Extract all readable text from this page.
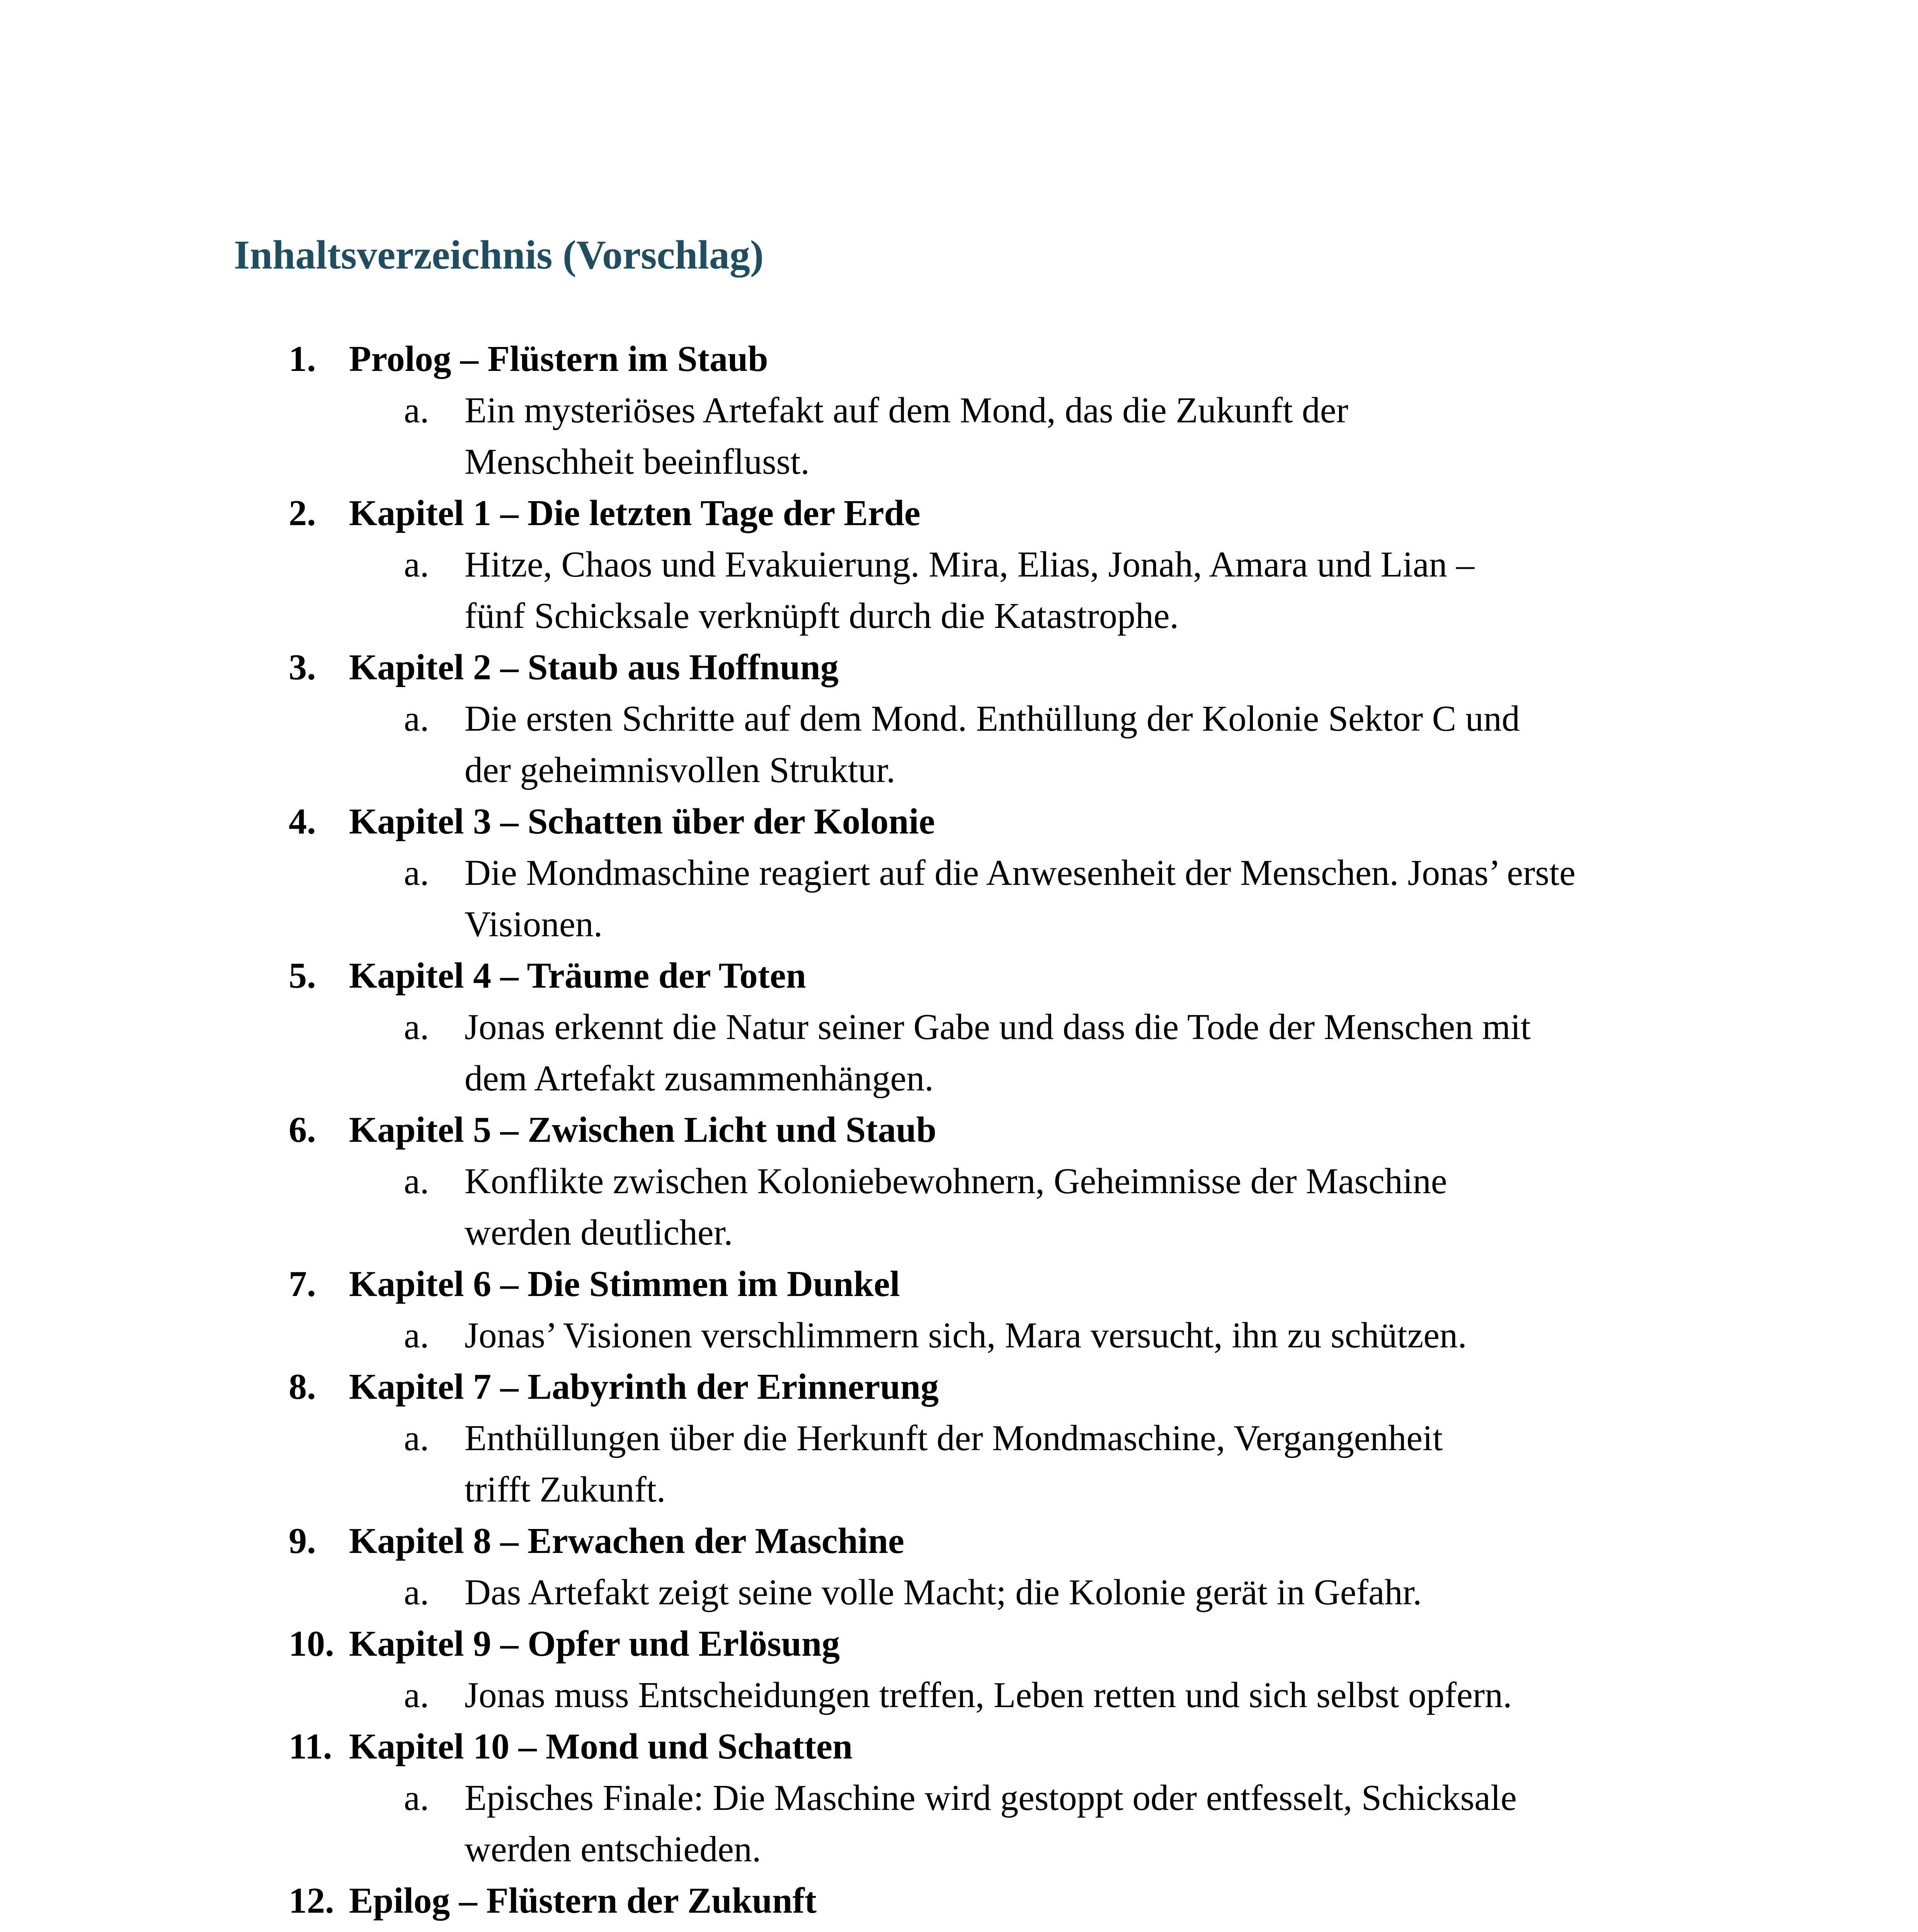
Inhaltsverzeichnis (Vorschlag)
1. Prolog – Flüstern im Staub
a. Ein mysteriöses Artefakt auf dem Mond, das die Zukunft der
Menschheit beeinflusst.
2. Kapitel 1 – Die letzten Tage der Erde
a. Hitze, Chaos und Evakuierung. Mira, Elias, Jonah, Amara und Lian –
fünf Schicksale verknüpft durch die Katastrophe.
3. Kapitel 2 – Staub aus Hoffnung
a. Die ersten Schritte auf dem Mond. Enthüllung der Kolonie Sektor C und
der geheimnisvollen Struktur.
4. Kapitel 3 – Schatten über der Kolonie
a. Die Mondmaschine reagiert auf die Anwesenheit der Menschen. Jonas’ erste
Visionen.
5. Kapitel 4 – Träume der Toten
a. Jonas erkennt die Natur seiner Gabe und dass die Tode der Menschen mit
dem Artefakt zusammenhängen.
6. Kapitel 5 – Zwischen Licht und Staub
a. Konflikte zwischen Koloniebewohnern, Geheimnisse der Maschine
werden deutlicher.
7. Kapitel 6 – Die Stimmen im Dunkel
a. Jonas’ Visionen verschlimmern sich, Mara versucht, ihn zu schützen.
8. Kapitel 7 – Labyrinth der Erinnerung
a. Enthüllungen über die Herkunft der Mondmaschine, Vergangenheit
trifft Zukunft.
9. Kapitel 8 – Erwachen der Maschine
a. Das Artefakt zeigt seine volle Macht; die Kolonie gerät in Gefahr.
10. Kapitel 9 – Opfer und Erlösung
a. Jonas muss Entscheidungen treffen, Leben retten und sich selbst opfern.
11. Kapitel 10 – Mond und Schatten
a. Episches Finale: Die Maschine wird gestoppt oder entfesselt, Schicksale
werden entschieden.
12. Epilog – Flüstern der Zukunft
